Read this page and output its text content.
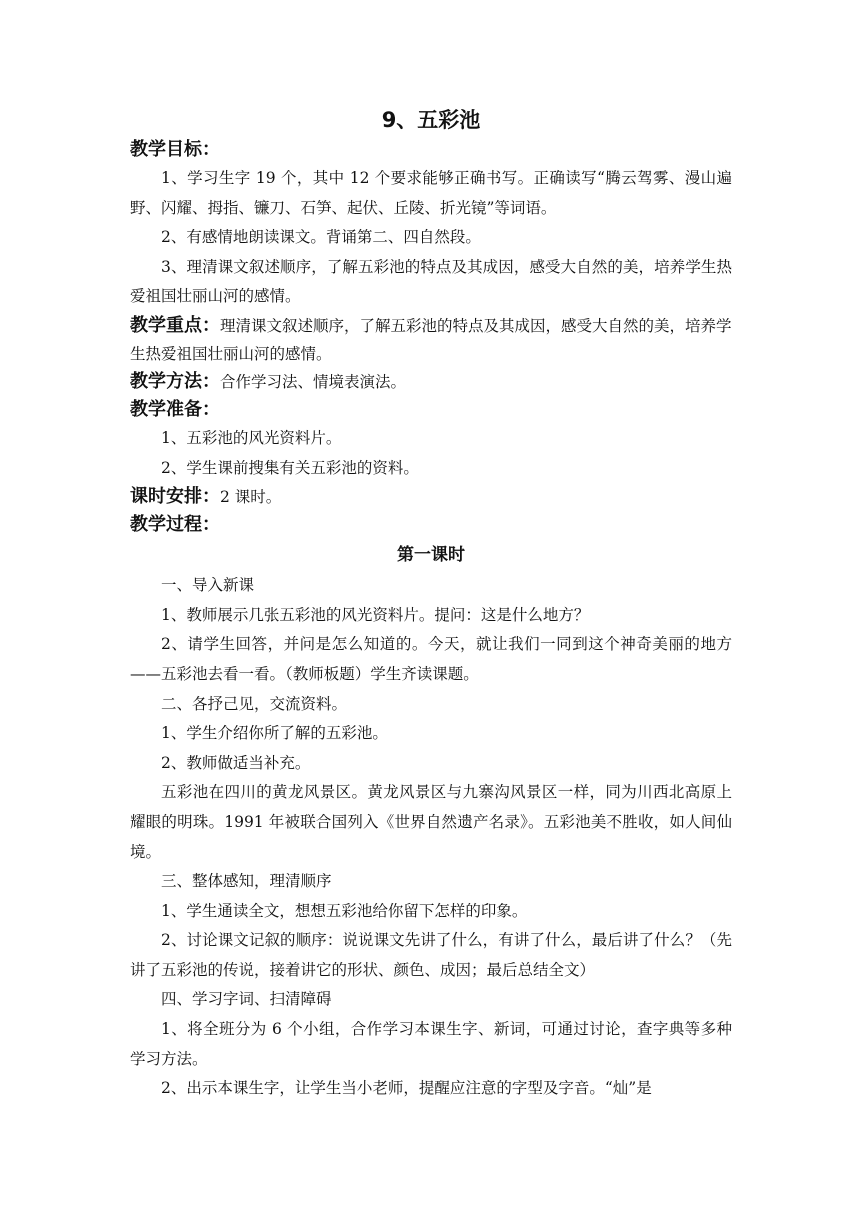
9、五彩池

教学目标：

1、学习生字 19 个，其中 12 个要求能够正确书写。正确读写“腾云驾雾、漫山遍野、闪耀、拇指、镰刀、石笋、起伏、丘陵、折光镜”等词语。

2、有感情地朗读课文。背诵第二、四自然段。

3、理清课文叙述顺序，了解五彩池的特点及其成因，感受大自然的美，培养学生热爱祖国壮丽山河的感情。

教学重点：理清课文叙述顺序，了解五彩池的特点及其成因，感受大自然的美，培养学生热爱祖国壮丽山河的感情。

教学方法：合作学习法、情境表演法。

教学准备：

1、五彩池的风光资料片。

2、学生课前搜集有关五彩池的资料。

课时安排：2 课时。

教学过程：

第一课时

一、导入新课

1、教师展示几张五彩池的风光资料片。提问：这是什么地方？

2、请学生回答，并问是怎么知道的。今天，就让我们一同到这个神奇美丽的地方——五彩池去看一看。（教师板题）学生齐读课题。

二、各抒己见，交流资料。

1、学生介绍你所了解的五彩池。

2、教师做适当补充。

五彩池在四川的黄龙风景区。黄龙风景区与九寨沟风景区一样，同为川西北高原上耀眼的明珠。1991 年被联合国列入《世界自然遗产名录》。五彩池美不胜收，如人间仙境。

三、整体感知，理清顺序

1、学生通读全文，想想五彩池给你留下怎样的印象。

2、讨论课文记叙的顺序：说说课文先讲了什么，有讲了什么，最后讲了什么？（先讲了五彩池的传说，接着讲它的形状、颜色、成因；最后总结全文）

四、学习字词、扫清障碍

1、将全班分为 6 个小组，合作学习本课生字、新词，可通过讨论，查字典等多种学习方法。

2、出示本课生字，让学生当小老师，提醒应注意的字型及字音。“灿”是
